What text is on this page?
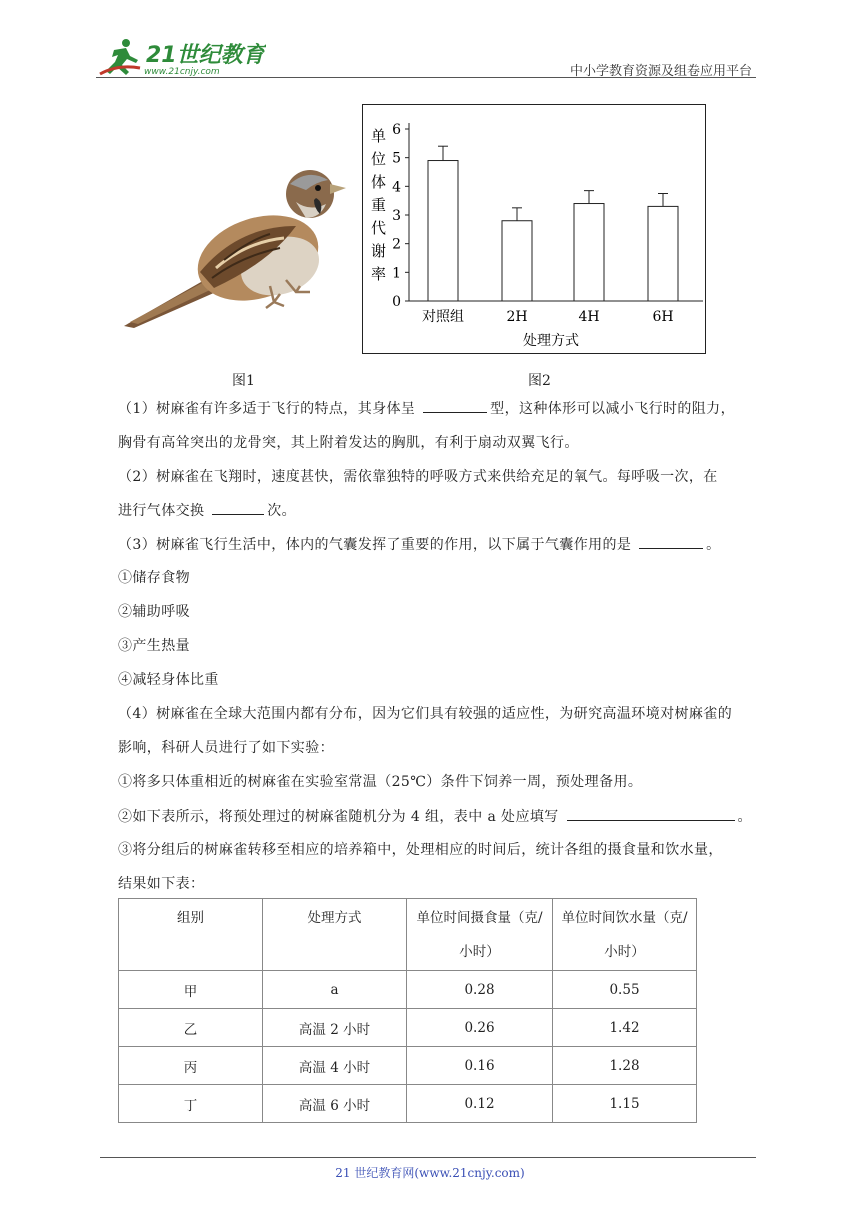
21世纪教育
www.21cnjy.com	中小学教育资源及组卷应用平台
单位体重代谢率
0
1
2
3
4
5
6
对照组	2H	4H	6H
处理方式
图1	图2
（1）树麻雀有许多适于飞行的特点，其身体呈	型，这种体形可以减小飞行时的阻力，
胸骨有高耸突出的龙骨突，其上附着发达的胸肌，有利于扇动双翼飞行。
（2）树麻雀在飞翔时，速度甚快，需依靠独特的呼吸方式来供给充足的氧气。每呼吸一次，在
进行气体交换	次。
（3）树麻雀飞行生活中，体内的气囊发挥了重要的作用，以下属于气囊作用的是	。
①储存食物
②辅助呼吸
③产生热量
④减轻身体比重
（4）树麻雀在全球大范围内都有分布，因为它们具有较强的适应性，为研究高温环境对树麻雀的
影响，科研人员进行了如下实验：
①将多只体重相近的树麻雀在实验室常温（25℃）条件下饲养一周，预处理备用。
②如下表所示，将预处理过的树麻雀随机分为 4 组，表中 a 处应填写	。
③将分组后的树麻雀转移至相应的培养箱中，处理相应的时间后，统计各组的摄食量和饮水量，
结果如下表：
组别	处理方式	单位时间摄食量（克/
小时）	单位时间饮水量（克/
小时）
甲	a	0.28	0.55
乙	高温 2 小时	0.26	1.42
丙	高温 4 小时	0.16	1.28
丁	高温 6 小时	0.12	1.15
21 世纪教育网(www.21cnjy.com)
